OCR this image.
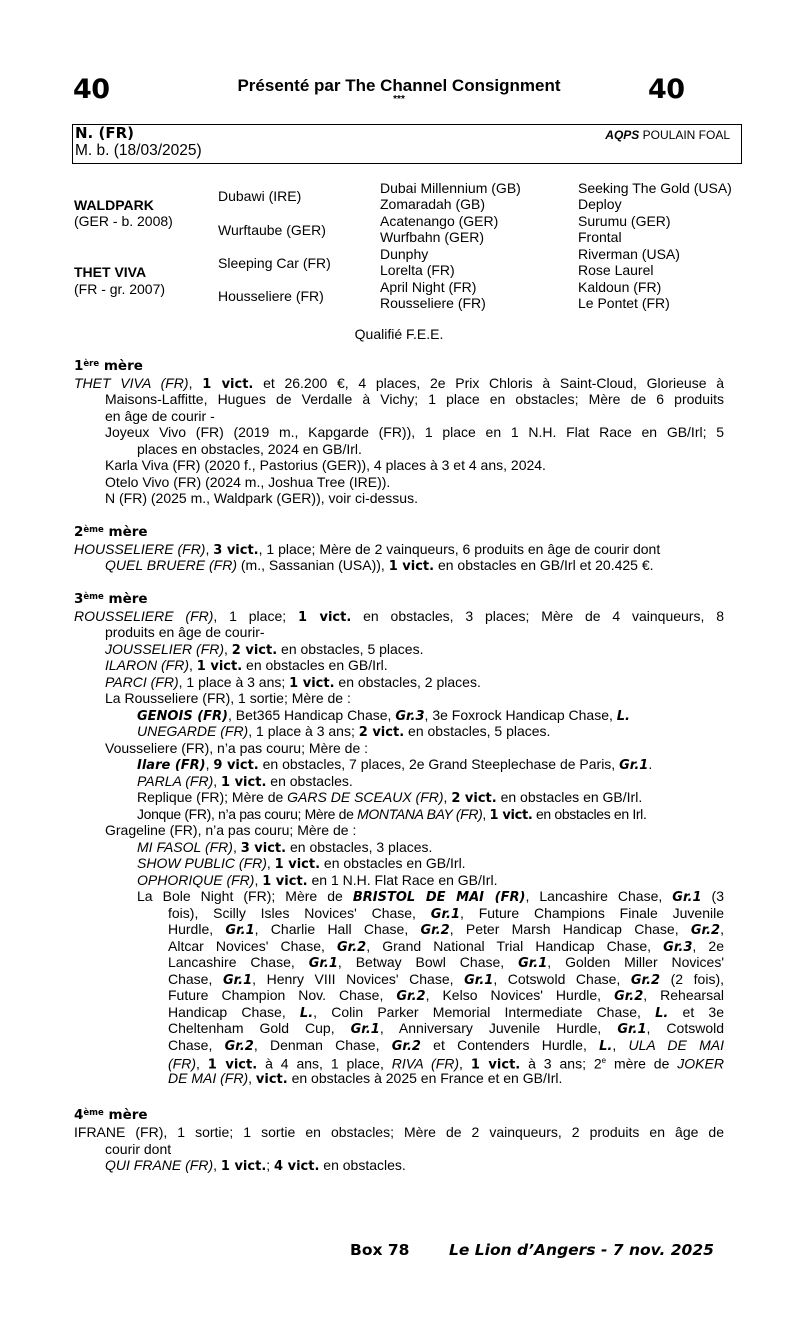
40	40
Présenté par The Channel Consignment
***
N. (FR)
M. b. (18/03/2025)
AQPS POULAIN FOAL
WALDPARK
(GER - b. 2008)
THET VIVA
(FR - gr. 2007)
Dubawi (IRE)
Wurftaube (GER)
Sleeping Car (FR)
Housseliere (FR)
Dubai Millennium (GB)
Zomaradah (GB)
Acatenango (GER)
Wurfbahn (GER)
Dunphy
Lorelta (FR)
April Night (FR)
Rousseliere (FR)
Seeking The Gold (USA)
Deploy
Surumu (GER)
Frontal
Riverman (USA)
Rose Laurel
Kaldoun (FR)
Le Pontet (FR)
Qualifié F.E.E.
1ère mère
THET VIVA (FR), 1 vict. et 26.200 €, 4 places, 2e Prix Chloris à Saint-Cloud, Glorieuse à
Maisons-Laffitte, Hugues de Verdalle à Vichy; 1 place en obstacles; Mère de 6 produits
en âge de courir -
Joyeux Vivo (FR) (2019 m., Kapgarde (FR)), 1 place en 1 N.H. Flat Race en GB/Irl; 5
places en obstacles, 2024 en GB/Irl.
Karla Viva (FR) (2020 f., Pastorius (GER)), 4 places à 3 et 4 ans, 2024.
Otelo Vivo (FR) (2024 m., Joshua Tree (IRE)).
N (FR) (2025 m., Waldpark (GER)), voir ci-dessus.
2ème mère
HOUSSELIERE (FR), 3 vict., 1 place; Mère de 2 vainqueurs, 6 produits en âge de courir dont
QUEL BRUERE (FR) (m., Sassanian (USA)), 1 vict. en obstacles en GB/Irl et 20.425 €.
3ème mère
ROUSSELIERE (FR), 1 place; 1 vict. en obstacles, 3 places; Mère de 4 vainqueurs, 8
produits en âge de courir-
JOUSSELIER (FR), 2 vict. en obstacles, 5 places.
ILARON (FR), 1 vict. en obstacles en GB/Irl.
PARCI (FR), 1 place à 3 ans; 1 vict. en obstacles, 2 places.
La Rousseliere (FR), 1 sortie; Mère de :
GENOIS (FR), Bet365 Handicap Chase, Gr.3, 3e Foxrock Handicap Chase, L.
UNEGARDE (FR), 1 place à 3 ans; 2 vict. en obstacles, 5 places.
Vousseliere (FR), n’a pas couru; Mère de :
Ilare (FR), 9 vict. en obstacles, 7 places, 2e Grand Steeplechase de Paris, Gr.1.
PARLA (FR), 1 vict. en obstacles.
Replique (FR); Mère de GARS DE SCEAUX (FR), 2 vict. en obstacles en GB/Irl.
Jonque (FR), n’a pas couru; Mère de MONTANA BAY (FR), 1 vict. en obstacles en Irl.
Grageline (FR), n’a pas couru; Mère de :
MI FASOL (FR), 3 vict. en obstacles, 3 places.
SHOW PUBLIC (FR), 1 vict. en obstacles en GB/Irl.
OPHORIQUE (FR), 1 vict. en 1 N.H. Flat Race en GB/Irl.
La Bole Night (FR); Mère de BRISTOL DE MAI (FR), Lancashire Chase, Gr.1 (3
fois), Scilly Isles Novices' Chase, Gr.1, Future Champions Finale Juvenile
Hurdle, Gr.1, Charlie Hall Chase, Gr.2, Peter Marsh Handicap Chase, Gr.2,
Altcar Novices' Chase, Gr.2, Grand National Trial Handicap Chase, Gr.3, 2e
Lancashire Chase, Gr.1, Betway Bowl Chase, Gr.1, Golden Miller Novices'
Chase, Gr.1, Henry VIII Novices' Chase, Gr.1, Cotswold Chase, Gr.2 (2 fois),
Future Champion Nov. Chase, Gr.2, Kelso Novices' Hurdle, Gr.2, Rehearsal
Handicap Chase, L., Colin Parker Memorial Intermediate Chase, L. et 3e
Cheltenham Gold Cup, Gr.1, Anniversary Juvenile Hurdle, Gr.1, Cotswold
Chase, Gr.2, Denman Chase, Gr.2 et Contenders Hurdle, L., ULA DE MAI
(FR), 1 vict. à 4 ans, 1 place, RIVA (FR), 1 vict. à 3 ans; 2e mère de JOKER
DE MAI (FR), vict. en obstacles à 2025 en France et en GB/Irl.
4ème mère
IFRANE (FR), 1 sortie; 1 sortie en obstacles; Mère de 2 vainqueurs, 2 produits en âge de
courir dont
QUI FRANE (FR), 1 vict.; 4 vict. en obstacles.
Box 78	Le Lion d’Angers - 7 nov. 2025
